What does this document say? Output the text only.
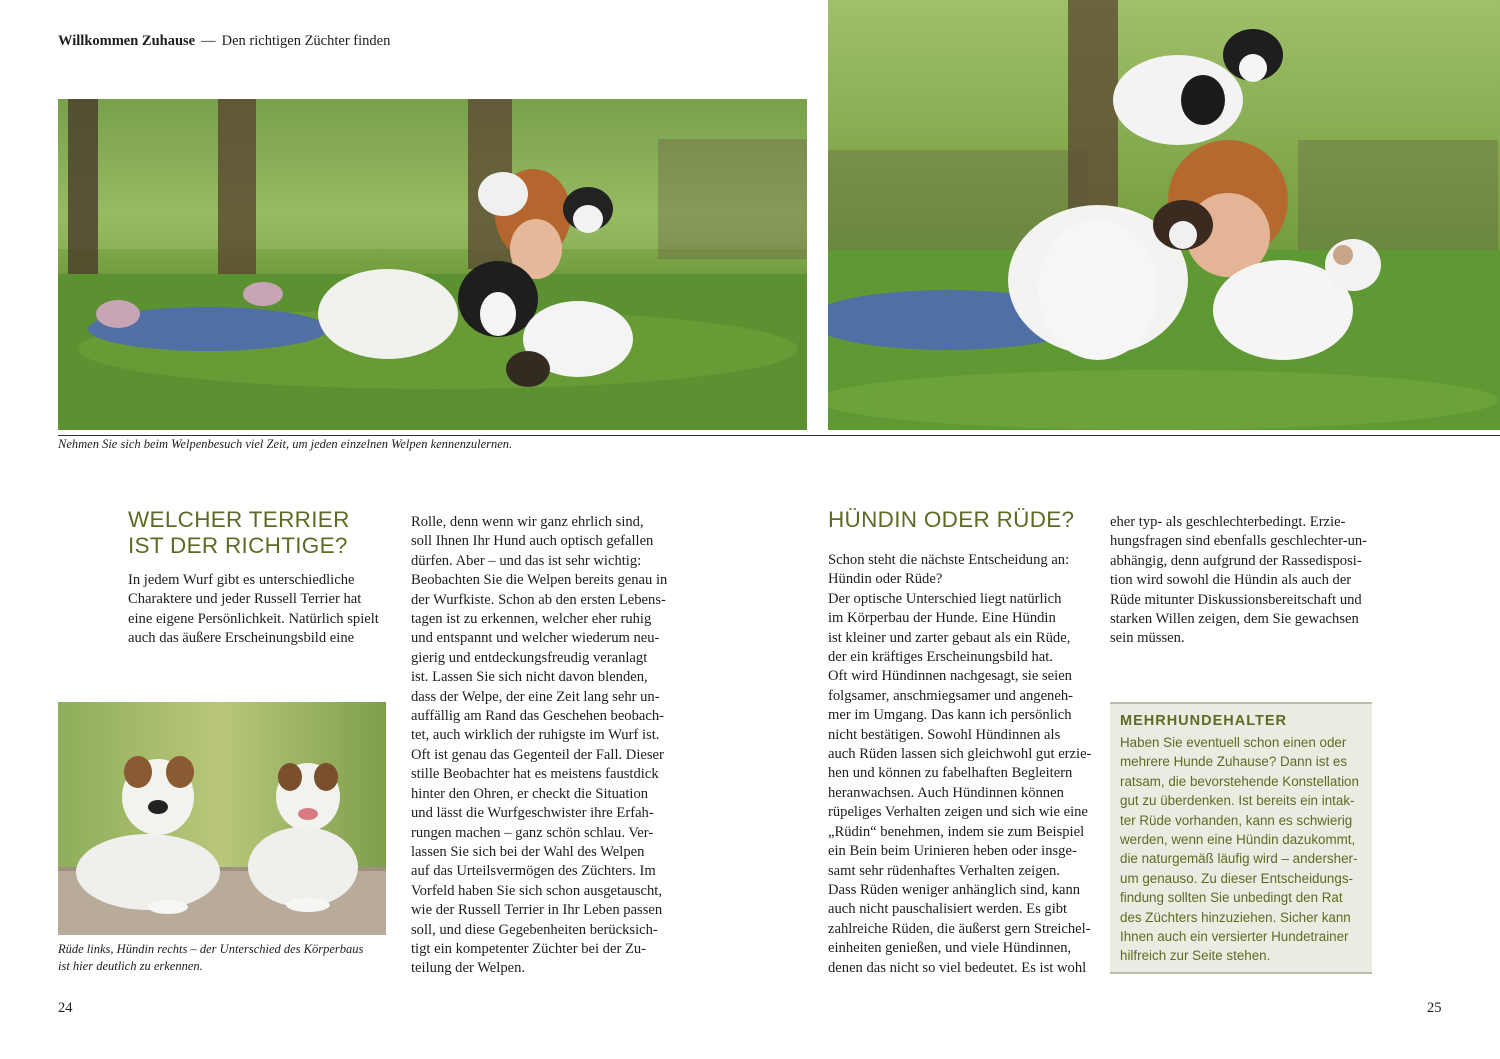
Willkommen Zuhause — Den richtigen Züchter finden
Nehmen Sie sich beim Welpenbesuch viel Zeit, um jeden einzelnen Welpen kennenzulernen.
WELCHER TERRIER
IST DER RICHTIGE?
In jedem Wurf gibt es unterschiedliche
Charaktere und jeder Russell Terrier hat
eine eigene Persönlichkeit. Natürlich spielt
auch das äußere Erscheinungsbild eine
Rüde links, Hündin rechts – der Unterschied des Körperbaus
ist hier deutlich zu erkennen.
Rolle, denn wenn wir ganz ehrlich sind,
soll Ihnen Ihr Hund auch optisch gefallen
dürfen. Aber – und das ist sehr wichtig:
Beobachten Sie die Welpen bereits genau in
der Wurfkiste. Schon ab den ersten Lebens-
tagen ist zu erkennen, welcher eher ruhig
und entspannt und welcher wiederum neu-
gierig und entdeckungsfreudig veranlagt
ist. Lassen Sie sich nicht davon blenden,
dass der Welpe, der eine Zeit lang sehr un-
auffällig am Rand das Geschehen beobach-
tet, auch wirklich der ruhigste im Wurf ist.
Oft ist genau das Gegenteil der Fall. Dieser
stille Beobachter hat es meistens faustdick
hinter den Ohren, er checkt die Situation
und lässt die Wurfgeschwister ihre Erfah-
rungen machen – ganz schön schlau. Ver-
lassen Sie sich bei der Wahl des Welpen
auf das Urteilsvermögen des Züchters. Im
Vorfeld haben Sie sich schon ausgetauscht,
wie der Russell Terrier in Ihr Leben passen
soll, und diese Gegebenheiten berücksich-
tigt ein kompetenter Züchter bei der Zu-
teilung der Welpen.
HÜNDIN ODER RÜDE?
Schon steht die nächste Entscheidung an:
Hündin oder Rüde?
Der optische Unterschied liegt natürlich
im Körperbau der Hunde. Eine Hündin
ist kleiner und zarter gebaut als ein Rüde,
der ein kräftiges Erscheinungsbild hat.
Oft wird Hündinnen nachgesagt, sie seien
folgsamer, anschmiegsamer und angeneh-
mer im Umgang. Das kann ich persönlich
nicht bestätigen. Sowohl Hündinnen als
auch Rüden lassen sich gleichwohl gut erzie-
hen und können zu fabelhaften Begleitern
heranwachsen. Auch Hündinnen können
rüpeliges Verhalten zeigen und sich wie eine
„Rüdin“ benehmen, indem sie zum Beispiel
ein Bein beim Urinieren heben oder insge-
samt sehr rüdenhaftes Verhalten zeigen.
Dass Rüden weniger anhänglich sind, kann
auch nicht pauschalisiert werden. Es gibt
zahlreiche Rüden, die äußerst gern Streichel-
einheiten genießen, und viele Hündinnen,
denen das nicht so viel bedeutet. Es ist wohl
eher typ- als geschlechterbedingt. Erzie-
hungsfragen sind ebenfalls geschlechter-un-
abhängig, denn aufgrund der Rassedisposi-
tion wird sowohl die Hündin als auch der
Rüde mitunter Diskussionsbereitschaft und
starken Willen zeigen, dem Sie gewachsen
sein müssen.
MEHRHUNDEHALTER
Haben Sie eventuell schon einen oder
mehrere Hunde Zuhause? Dann ist es
ratsam, die bevorstehende Konstellation
gut zu überdenken. Ist bereits ein intak-
ter Rüde vorhanden, kann es schwierig
werden, wenn eine Hündin dazukommt,
die naturgemäß läufig wird – andersher-
um genauso. Zu dieser Entscheidungs-
findung sollten Sie unbedingt den Rat
des Züchters hinzuziehen. Sicher kann
Ihnen auch ein versierter Hundetrainer
hilfreich zur Seite stehen.
24	25
